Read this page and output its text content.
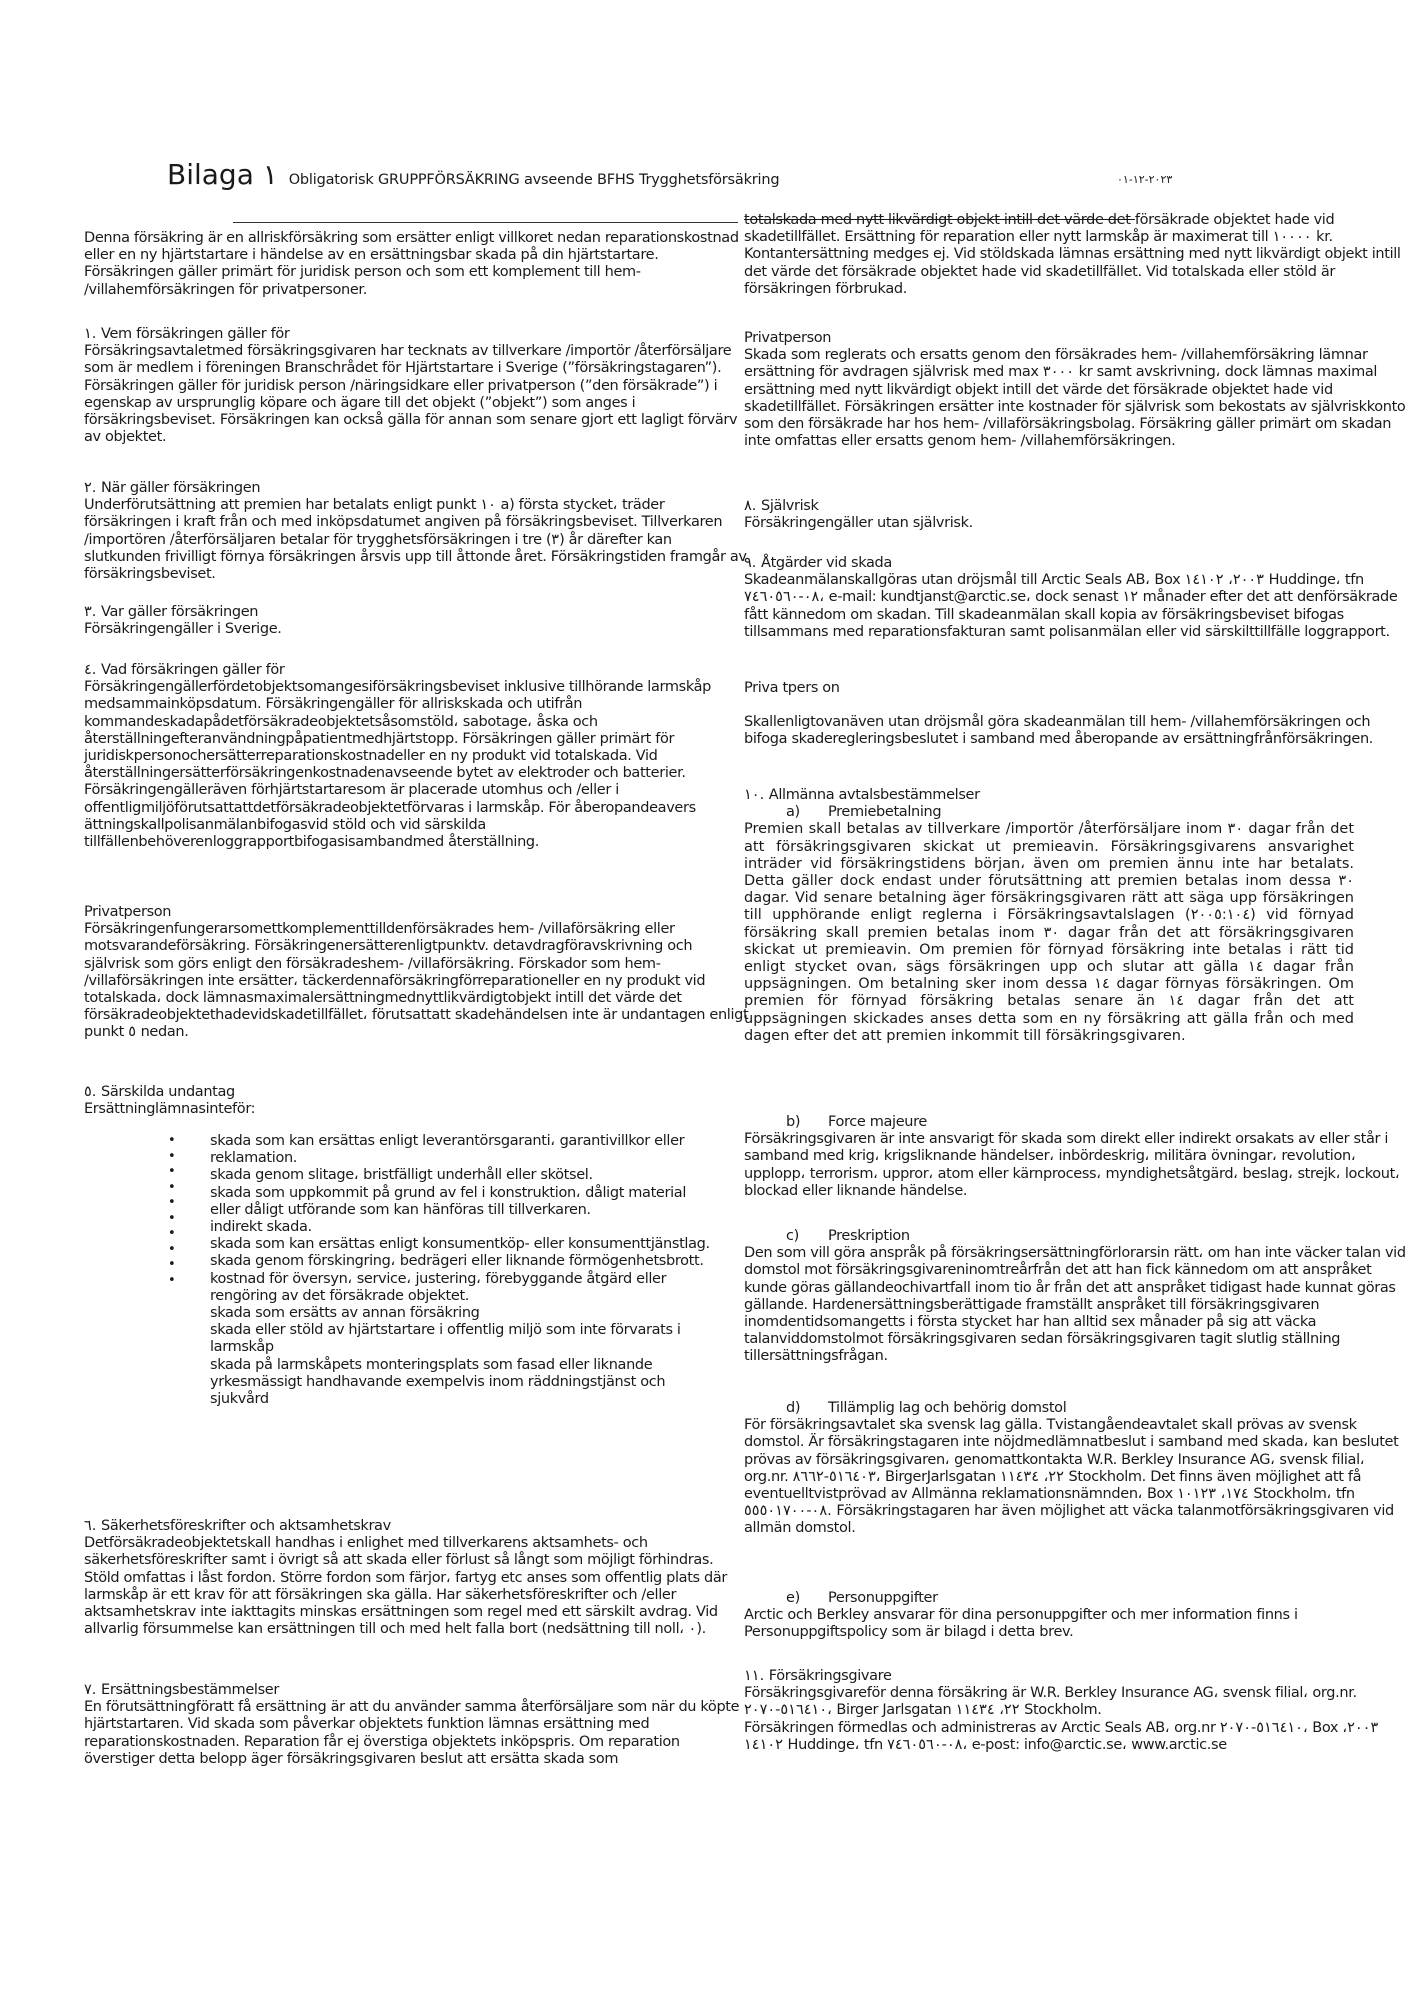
Bilaga ١ Obligatorisk GRUPPFÖRSÄKRING avseende BFHS Trygghetsförsäkring	٢٠٢٣-١٢-٠١

Denna försäkring är en allriskförsäkring som ersätter enligt villkoret nedan reparationskostnad eller en ny hjärtstartare i händelse av en ersättningsbar skada på din hjärtstartare. Försäkringen gäller primärt för juridisk person och som ett komplement till hem- /villahemförsäkringen för privatpersoner.

١. Vem försäkringen gäller för

Försäkringsavtaletmed försäkringsgivaren har tecknats av tillverkare /importör /återförsäljare som är medlem i föreningen Branschrådet för Hjärtstartare i Sverige (”försäkringstagaren”). Försäkringen gäller för juridisk person /näringsidkare eller privatperson (”den försäkrade”) i egenskap av ursprunglig köpare och ägare till det objekt (”objekt”) som anges i försäkringsbeviset. Försäkringen kan också gälla för annan som senare gjort ett lagligt förvärv av objektet.

٢. När gäller försäkringen

Underförutsättning att premien har betalats enligt punkt ١٠ a) första stycket، träder försäkringen i kraft från och med inköpsdatumet angiven på försäkringsbeviset. Tillverkaren /importören /återförsäljaren betalar för trygghetsförsäkringen i tre (٣) år därefter kan slutkunden frivilligt förnya försäkringen årsvis upp till åttonde året. Försäkringstiden framgår av försäkringsbeviset.

٣. Var gäller försäkringen

Försäkringengäller i Sverige.

٤. Vad försäkringen gäller för

Försäkringengällerfördetobjektsomangesiförsäkringsbeviset inklusive tillhörande larmskåp medsammainköpsdatum. Försäkringengäller för allriskskada och utifrån kommandeskadapådetförsäkradeobjektetsåsomstöld، sabotage، åska och återställningefteranvändningpåpatientmedhjärtstopp. Försäkringen gäller primärt för juridiskpersonochersätterreparationskostnadeller en ny produkt vid totalskada. Vid återställningersätterförsäkringenkostnadenavseende bytet av elektroder och batterier. Försäkringengälleräven förhjärtstartaresom är placerade utomhus och /eller i offentligmiljöförutsattattdetförsäkradeobjektetförvaras i larmskåp. För åberopandeavers ättningskallpolisanmälanbifogasvid stöld och vid särskilda tillfällenbehöverenloggrapportbifogasisambandmed återställning.

Privatperson

Försäkringenfungerarsomettkomplementtilldenförsäkrades hem- /villaförsäkring eller motsvarandeförsäkring. Försäkringenersätterenligtpunktv. detavdragföravskrivning och självrisk som görs enligt den försäkradeshem- /villaförsäkring. Förskador som hem- /villaförsäkringen inte ersätter، täckerdennaförsäkringförreparationeller en ny produkt vid totalskada، dock lämnasmaximalersättningmednyttlikvärdigtobjekt intill det värde det försäkradeobjektethadevidskadetillfället، förutsattatt skadehändelsen inte är undantagen enligt punkt ٥ nedan.

٥. Särskilda undantag

Ersättninglämnasinteför:

•
•
•
•
•
•
•
•
•
•
skada som kan ersättas enligt leverantörsgaranti، garantivillkor eller reklamation.
skada genom slitage، bristfälligt underhåll eller skötsel.
skada som uppkommit på grund av fel i konstruktion، dåligt material eller dåligt utförande som kan hänföras till tillverkaren.
indirekt skada.
skada som kan ersättas enligt konsumentköp- eller konsumenttjänstlag.
skada genom förskingring، bedrägeri eller liknande förmögenhetsbrott.
kostnad för översyn، service، justering، förebyggande åtgärd eller rengöring av det försäkrade objektet.
skada som ersätts av annan försäkring
skada eller stöld av hjärtstartare i offentlig miljö som inte förvarats i larmskåp
skada på larmskåpets monteringsplats som fasad eller liknande yrkesmässigt handhavande exempelvis inom räddningstjänst och sjukvård

٦. Säkerhetsföreskrifter och aktsamhetskrav

Detförsäkradeobjektetskall handhas i enlighet med tillverkarens aktsamhets- och säkerhetsföreskrifter samt i övrigt så att skada eller förlust så långt som möjligt förhindras. Stöld omfattas i låst fordon. Större fordon som färjor، fartyg etc anses som offentlig plats där larmskåp är ett krav för att försäkringen ska gälla. Har säkerhetsföreskrifter och /eller aktsamhetskrav inte iakttagits minskas ersättningen som regel med ett särskilt avdrag. Vid allvarlig försummelse kan ersättningen till och med helt falla bort (nedsättning till noll، ٠).

٧. Ersättningsbestämmelser

En förutsättningföratt få ersättning är att du använder samma återförsäljare som när du köpte hjärtstartaren. Vid skada som påverkar objektets funktion lämnas ersättning med reparationskostnaden. Reparation får ej överstiga objektets inköpspris. Om reparation överstiger detta belopp äger försäkringsgivaren beslut att ersätta skada som

totalskada med nytt likvärdigt objekt intill det värde det försäkrade objektet hade vid skadetillfället. Ersättning för reparation eller nytt larmskåp är maximerat till ١٠٠٠٠ kr. Kontantersättning medges ej. Vid stöldskada lämnas ersättning med nytt likvärdigt objekt intill det värde det försäkrade objektet hade vid skadetillfället. Vid totalskada eller stöld är försäkringen förbrukad.

Privatperson

Skada som reglerats och ersatts genom den försäkrades hem- /villahemförsäkring lämnar ersättning för avdragen självrisk med max ٣٠٠٠ kr samt avskrivning، dock lämnas maximal ersättning med nytt likvärdigt objekt intill det värde det försäkrade objektet hade vid skadetillfället. Försäkringen ersätter inte kostnader för självrisk som bekostats av självriskkonto som den försäkrade har hos hem- /villaförsäkringsbolag. Försäkring gäller primärt om skadan inte omfattas eller ersatts genom hem- /villahemförsäkringen.

٨. Självrisk

Försäkringengäller utan självrisk.

٩. Åtgärder vid skada

Skadeanmälanskallgöras utan dröjsmål till Arctic Seals AB، Box ٢٠٠٣، ١٤١٠٢ Huddinge، tfn ٠٨-٧٤٦٠٥٦٠، e-mail: kundtjanst@arctic.se، dock senast ١٢ månader efter det att denförsäkrade fått kännedom om skadan. Till skadeanmälan skall kopia av försäkringsbeviset bifogas tillsammans med reparationsfakturan samt polisanmälan eller vid särskilttillfälle loggrapport.

Priva tpers on

Skallenligtovanäven utan dröjsmål göra skadeanmälan till hem- /villahemförsäkringen och bifoga skaderegleringsbeslutet i samband med åberopande av ersättningfrånförsäkringen.

١٠. Allmänna avtalsbestämmelser

a) Premiebetalning

Premien skall betalas av tillverkare /importör /återförsäljare inom ٣٠ dagar från det att försäkringsgivaren skickat ut premieavin. Försäkringsgivarens ansvarighet inträder vid försäkringstidens början، även om premien ännu inte har betalats. Detta gäller dock endast under förutsättning att premien betalas inom dessa ٣٠ dagar. Vid senare betalning äger försäkringsgivaren rätt att säga upp försäkringen till upphörande enligt reglerna i Försäkringsavtalslagen (٢٠٠٥:١٠٤) vid förnyad försäkring skall premien betalas inom ٣٠ dagar från det att försäkringsgivaren skickat ut premieavin. Om premien för förnyad försäkring inte betalas i rätt tid enligt stycket ovan، sägs försäkringen upp och slutar att gälla ١٤ dagar från uppsägningen. Om betalning sker inom dessa ١٤ dagar förnyas försäkringen. Om premien för förnyad försäkring betalas senare än ١٤ dagar från det att uppsägningen skickades anses detta som en ny försäkring att gälla från och med dagen efter det att premien inkommit till försäkringsgivaren.

b) Force majeure

Försäkringsgivaren är inte ansvarigt för skada som direkt eller indirekt orsakats av eller står i samband med krig، krigsliknande händelser، inbördeskrig، militära övningar، revolution، upplopp، terrorism، uppror، atom eller kärnprocess، myndighetsåtgärd، beslag، strejk، lockout، blockad eller liknande händelse.

c) Preskription

Den som vill göra anspråk på försäkringsersättningförlorarsin rätt، om han inte väcker talan vid domstol mot försäkringsgivareninomtreårfrån det att han fick kännedom om att anspråket kunde göras gällandeochivartfall inom tio år från det att anspråket tidigast hade kunnat göras gällande. Hardenersättningsberättigade framställt anspråket till försäkringsgivaren inomdentidsomangetts i första stycket har han alltid sex månader på sig att väcka talanviddomstolmot försäkringsgivaren sedan försäkringsgivaren tagit slutlig ställning tillersättningsfrågan.

d) Tillämplig lag och behörig domstol

För försäkringsavtalet ska svensk lag gälla. Tvistangåendeavtalet skall prövas av svensk domstol. Är försäkringstagaren inte nöjdmedlämnatbeslut i samband med skada، kan beslutet prövas av försäkringsgivaren، genomattkontakta W.R. Berkley Insurance AG، svensk filial، org.nr. ٥١٦٤٠٣-٨٦٦٢، BirgerJarlsgatan ٢٢، ١١٤٣٤ Stockholm. Det finns även möjlighet att få eventuelltvistprövad av Allmänna reklamationsnämnden، Box ١٧٤، ١٠١٢٣ Stockholm، tfn ٠٨-٥٥٥٠١٧٠٠. Försäkringstagaren har även möjlighet att väcka talanmotförsäkringsgivaren vid allmän domstol.

e) Personuppgifter

Arctic och Berkley ansvarar för dina personuppgifter och mer information finns i Personuppgiftspolicy som är bilagd i detta brev.

١١. Försäkringsgivare

Försäkringsgivareför denna försäkring är W.R. Berkley Insurance AG، svensk filial، org.nr. ٥١٦٤١٠-٢٠٧٠، Birger Jarlsgatan ٢٢، ١١٤٣٤ Stockholm.

Försäkringen förmedlas och administreras av Arctic Seals AB، org.nr ٥١٦٤١٠-٢٠٧٠، Box ٢٠٠٣، ١٤١٠٢ Huddinge، tfn ٠٨-٧٤٦٠٥٦٠، e-post: info@arctic.se، www.arctic.se
